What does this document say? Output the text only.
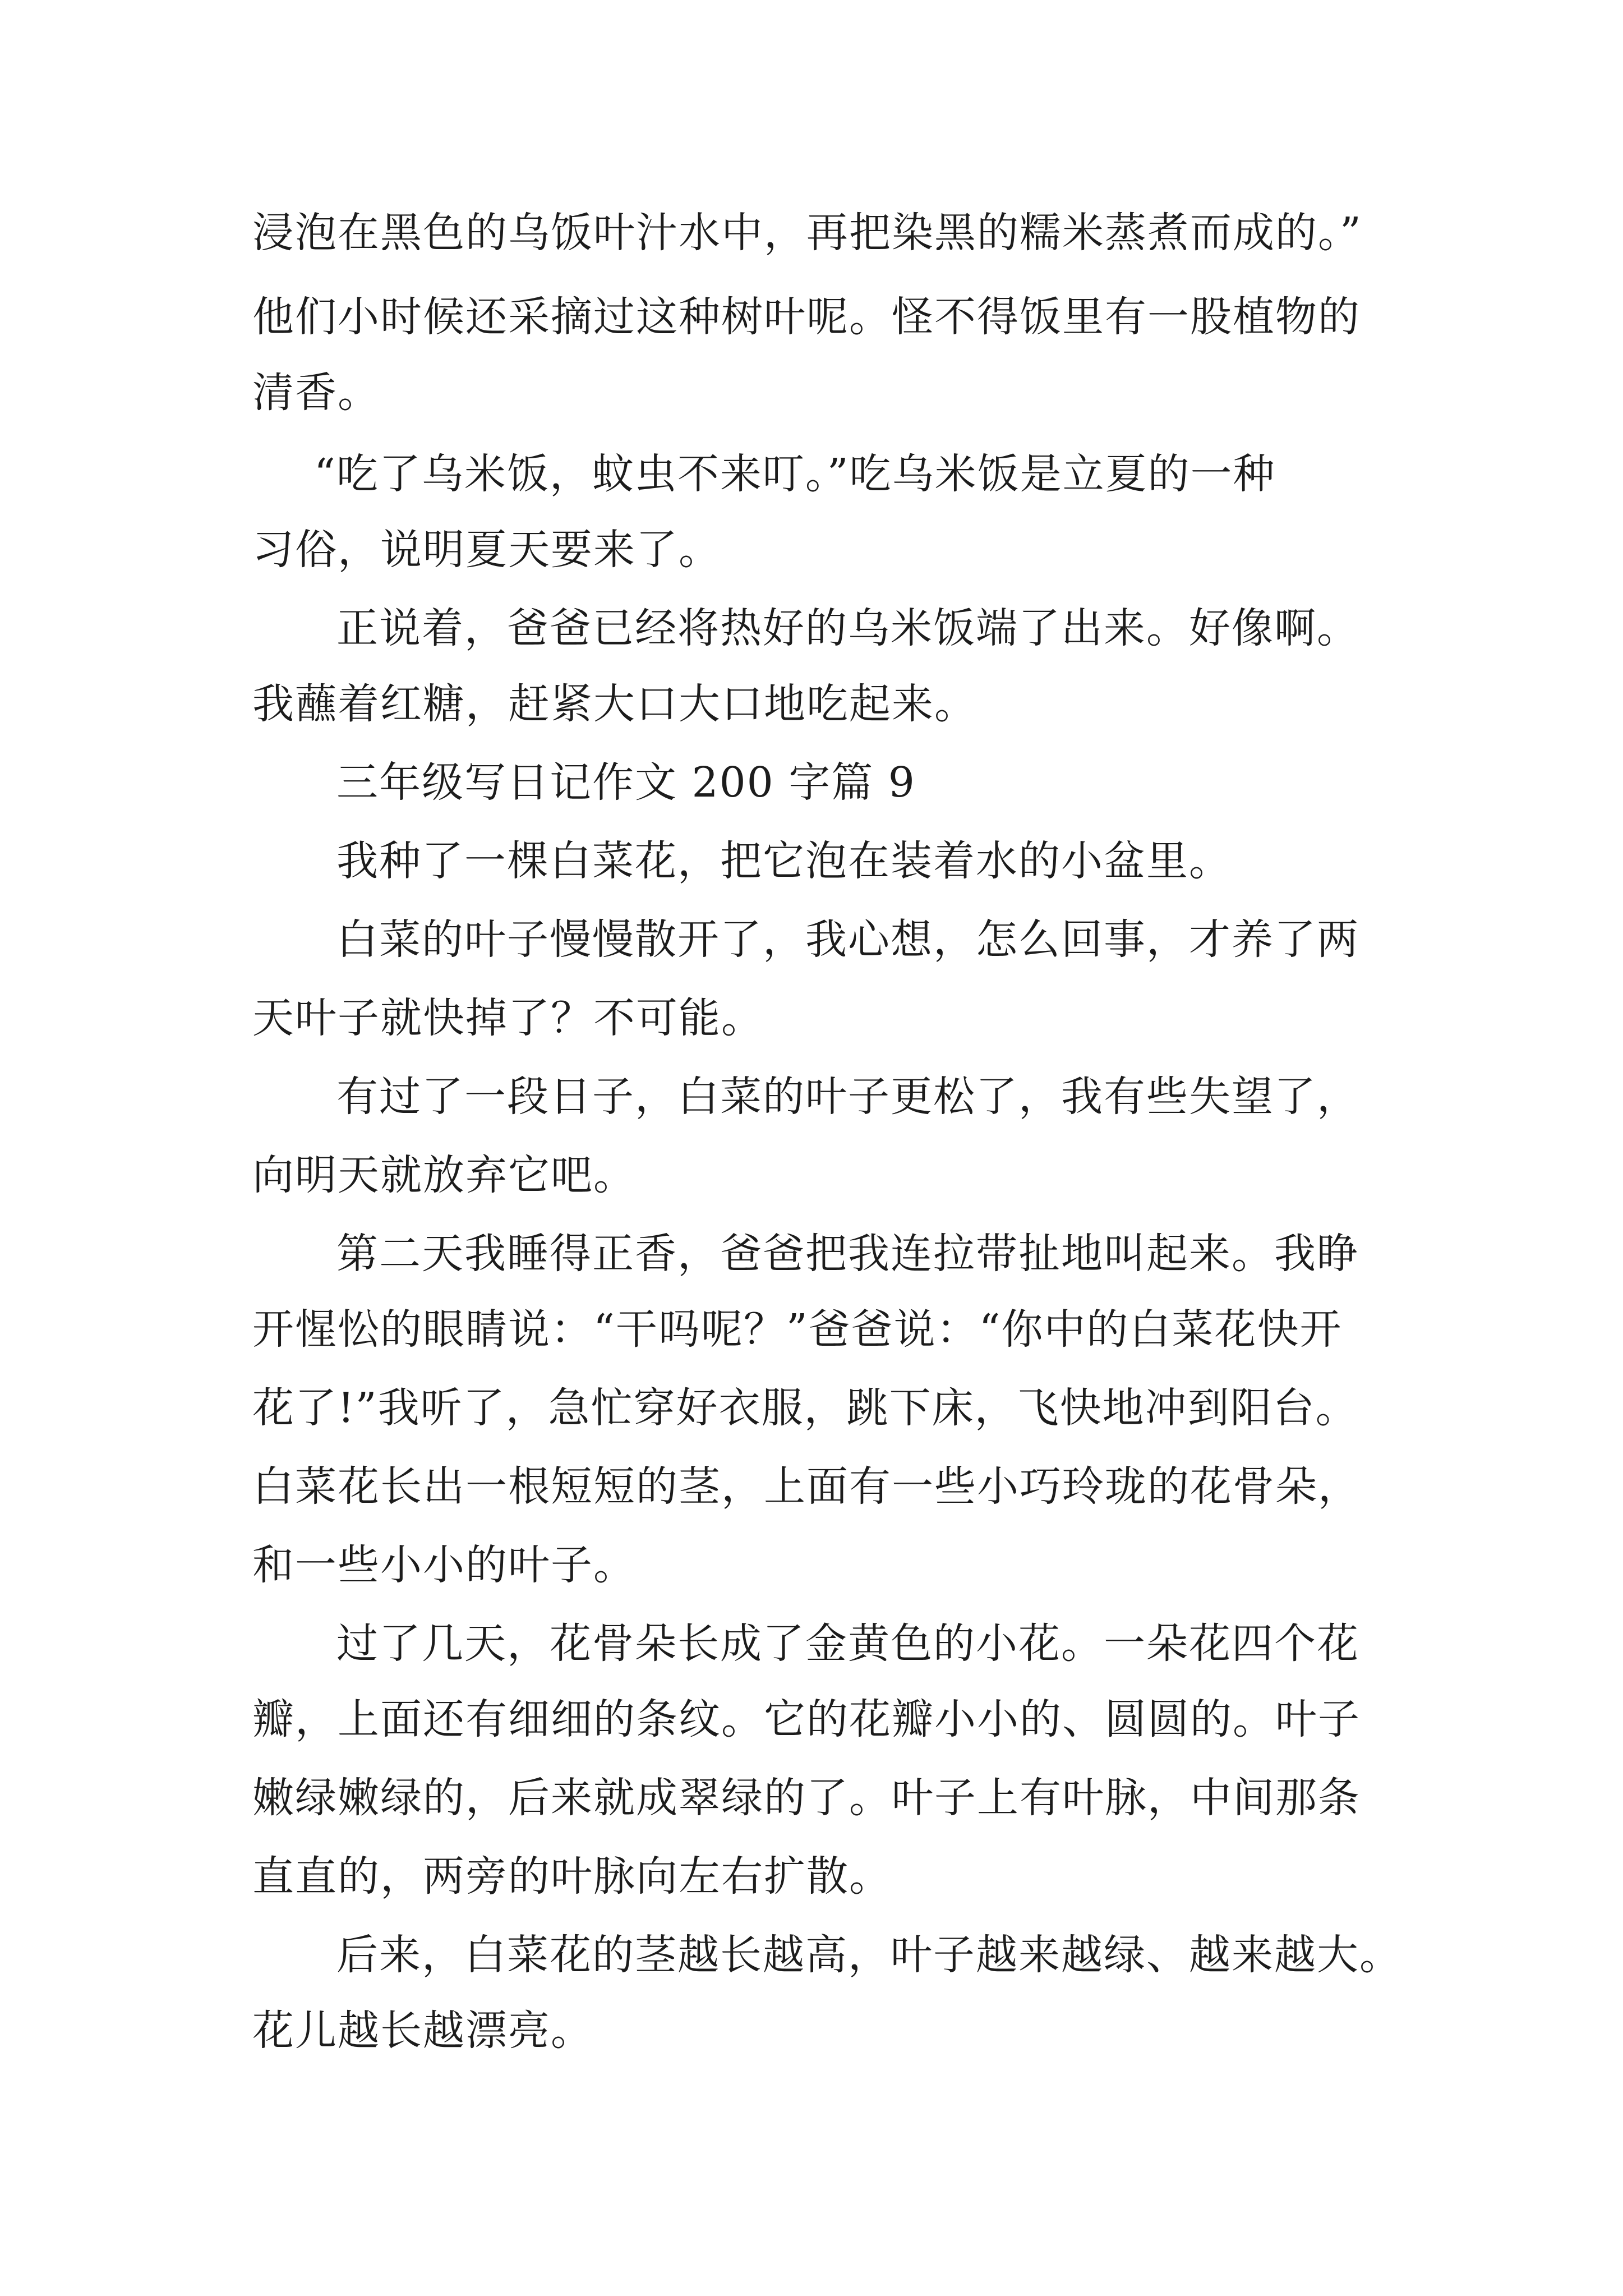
浸泡在黑色的乌饭叶汁水中，再把染黑的糯米蒸煮而成的。”
他们小时候还采摘过这种树叶呢。怪不得饭里有一股植物的
清香。
“吃了乌米饭，蚊虫不来叮。”吃乌米饭是立夏的一种
习俗，说明夏天要来了。
正说着，爸爸已经将热好的乌米饭端了出来。好像啊。
我蘸着红糖，赶紧大口大口地吃起来。
三年级写日记作文 200 字篇 9
我种了一棵白菜花，把它泡在装着水的小盆里。
白菜的叶子慢慢散开了，我心想，怎么回事，才养了两
天叶子就快掉了？不可能。
有过了一段日子，白菜的叶子更松了，我有些失望了，
向明天就放弃它吧。
第二天我睡得正香，爸爸把我连拉带扯地叫起来。我睁
开惺忪的眼睛说：“干吗呢？”爸爸说：“你中的白菜花快开
花了!”我听了，急忙穿好衣服，跳下床，飞快地冲到阳台。
白菜花长出一根短短的茎，上面有一些小巧玲珑的花骨朵，
和一些小小的叶子。
过了几天，花骨朵长成了金黄色的小花。一朵花四个花
瓣，上面还有细细的条纹。它的花瓣小小的、圆圆的。叶子
嫩绿嫩绿的，后来就成翠绿的了。叶子上有叶脉，中间那条
直直的，两旁的叶脉向左右扩散。
后来，白菜花的茎越长越高，叶子越来越绿、越来越大。
花儿越长越漂亮。
